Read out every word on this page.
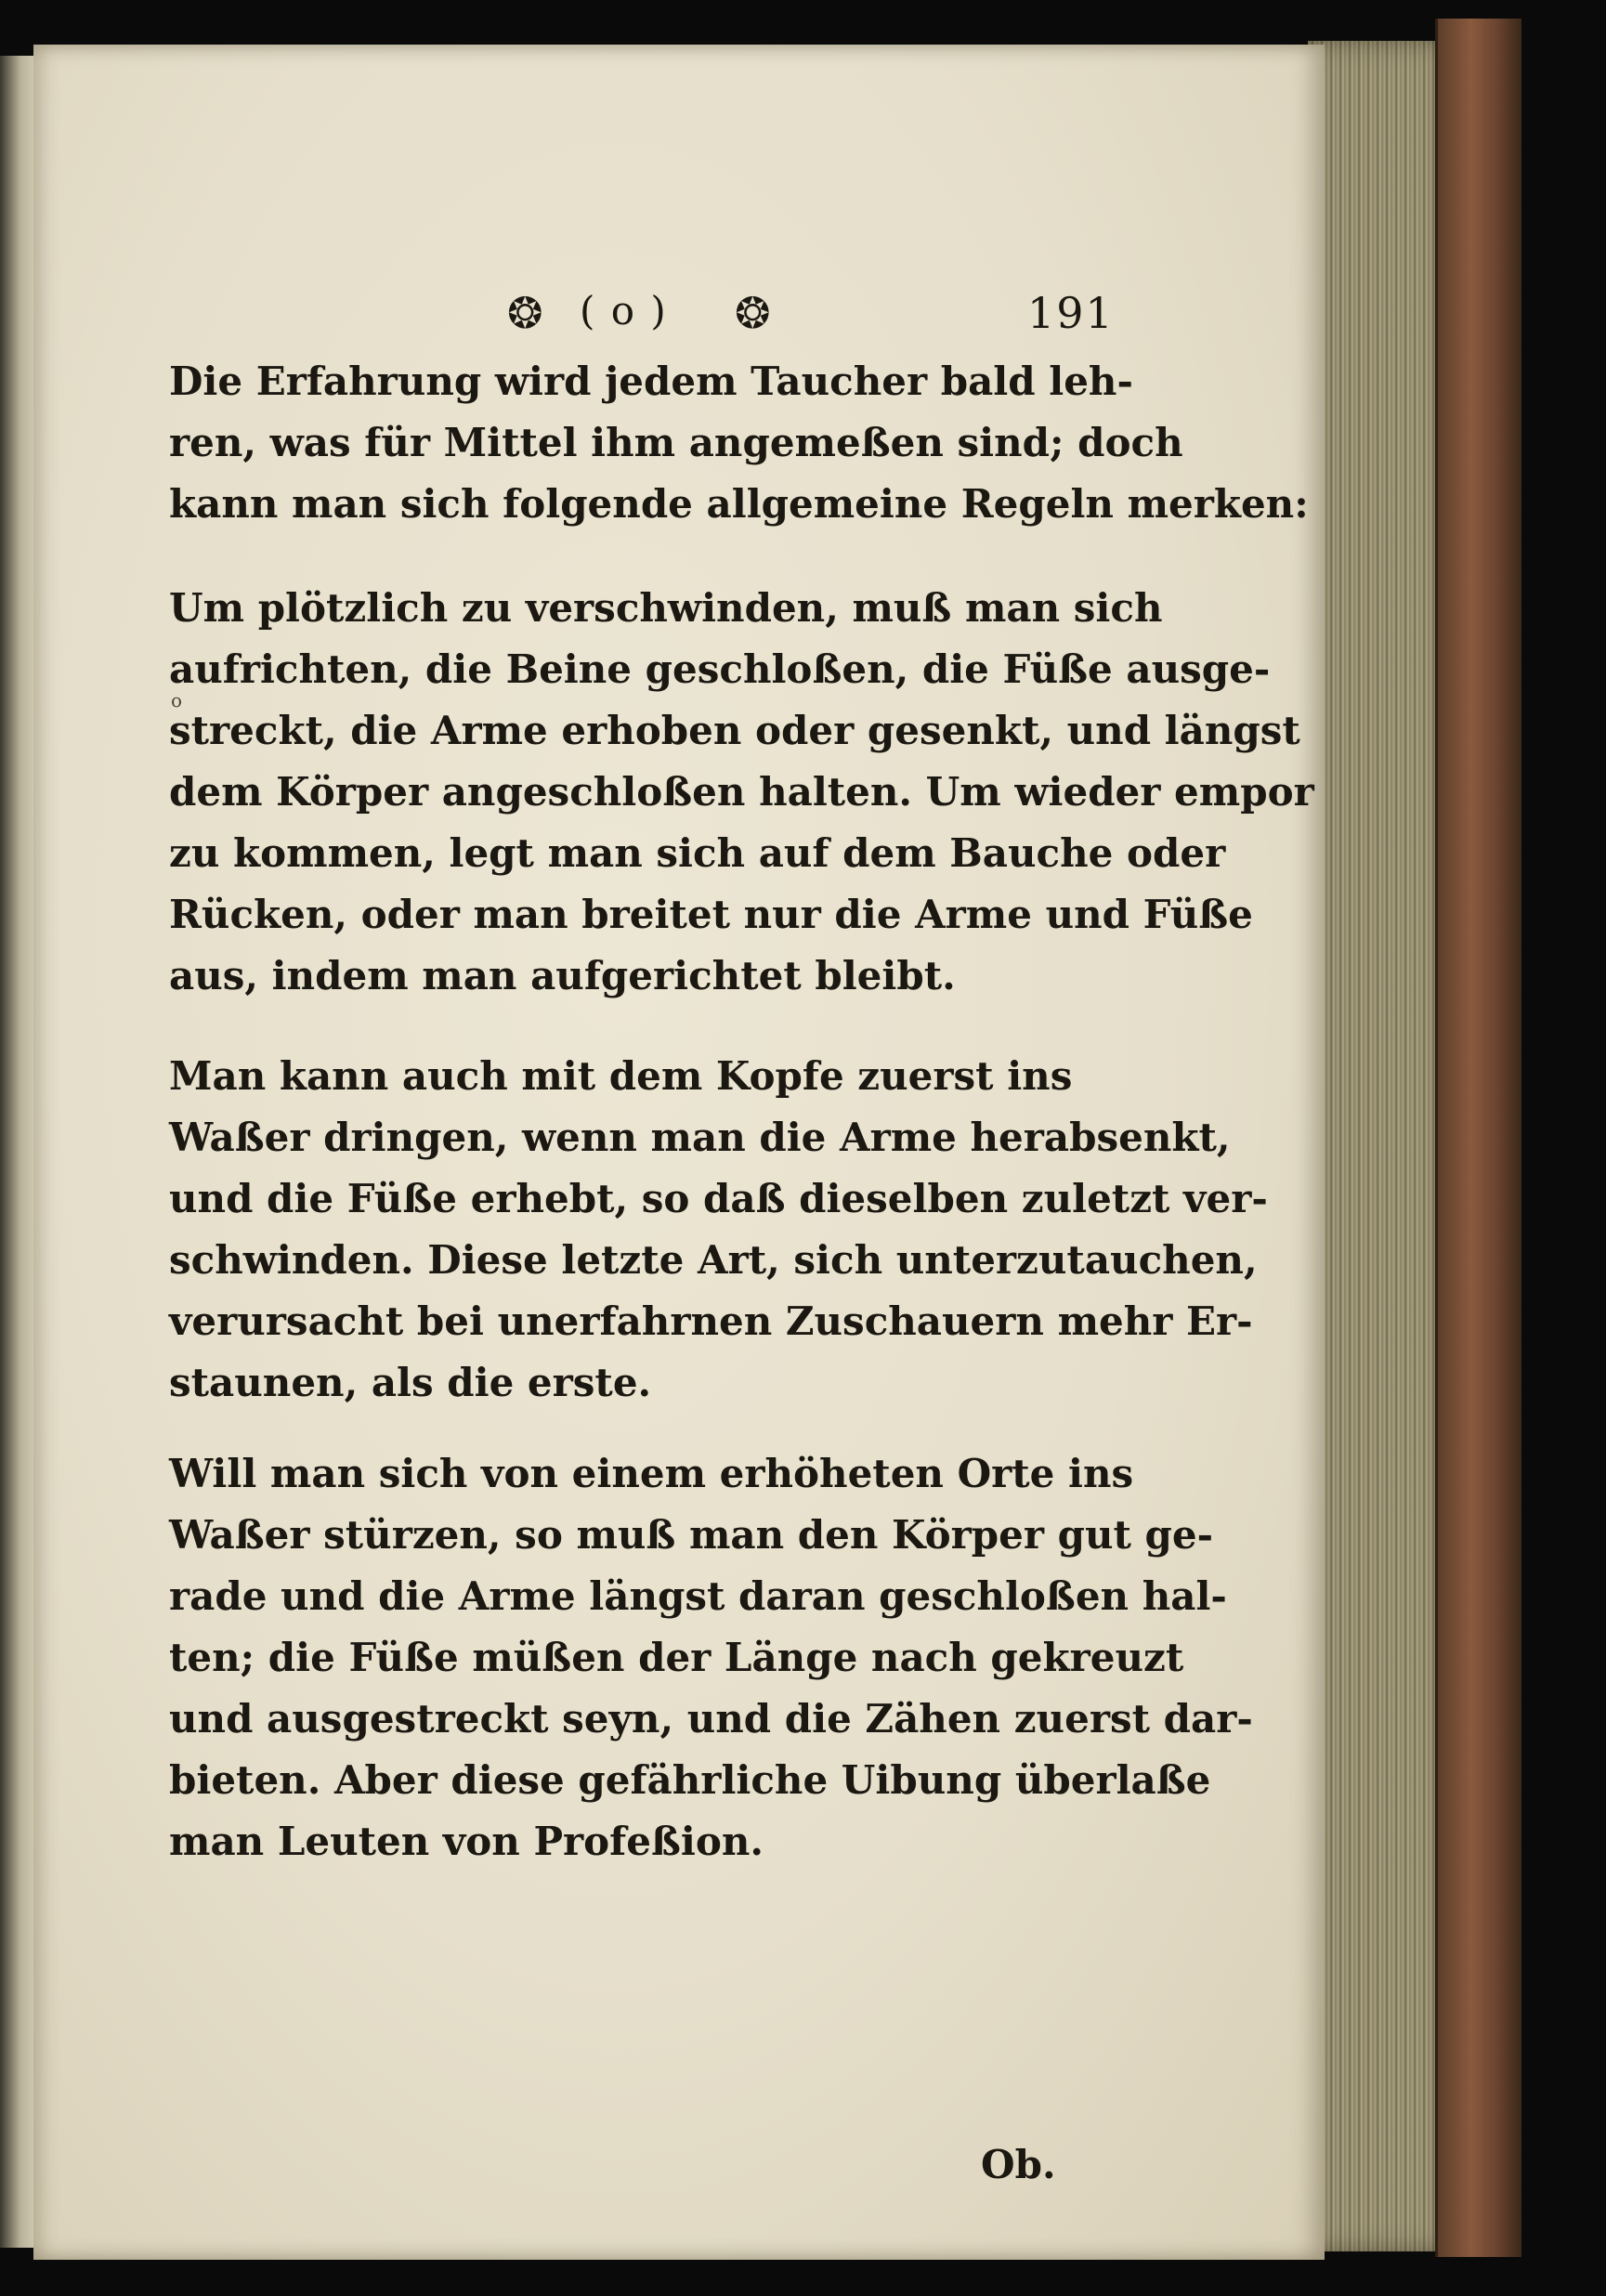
❂ ( o ) ❂	191
o
Die Erfahrung wird jedem Taucher bald leh-
ren, was für Mittel ihm angemeßen sind; doch
kann man sich folgende allgemeine Regeln merken:
Um plötzlich zu verschwinden, muß man sich
aufrichten, die Beine geschloßen, die Füße ausge-
streckt, die Arme erhoben oder gesenkt, und längst
dem Körper angeschloßen halten. Um wieder empor
zu kommen, legt man sich auf dem Bauche oder
Rücken, oder man breitet nur die Arme und Füße
aus, indem man aufgerichtet bleibt.
Man kann auch mit dem Kopfe zuerst ins
Waßer dringen, wenn man die Arme herabsenkt,
und die Füße erhebt, so daß dieselben zuletzt ver-
schwinden. Diese letzte Art, sich unterzutauchen,
verursacht bei unerfahrnen Zuschauern mehr Er-
staunen, als die erste.
Will man sich von einem erhöheten Orte ins
Waßer stürzen, so muß man den Körper gut ge-
rade und die Arme längst daran geschloßen hal-
ten; die Füße müßen der Länge nach gekreuzt
und ausgestreckt seyn, und die Zähen zuerst dar-
bieten. Aber diese gefährliche Uibung überlaße
man Leuten von Profeßion.
Ob.
